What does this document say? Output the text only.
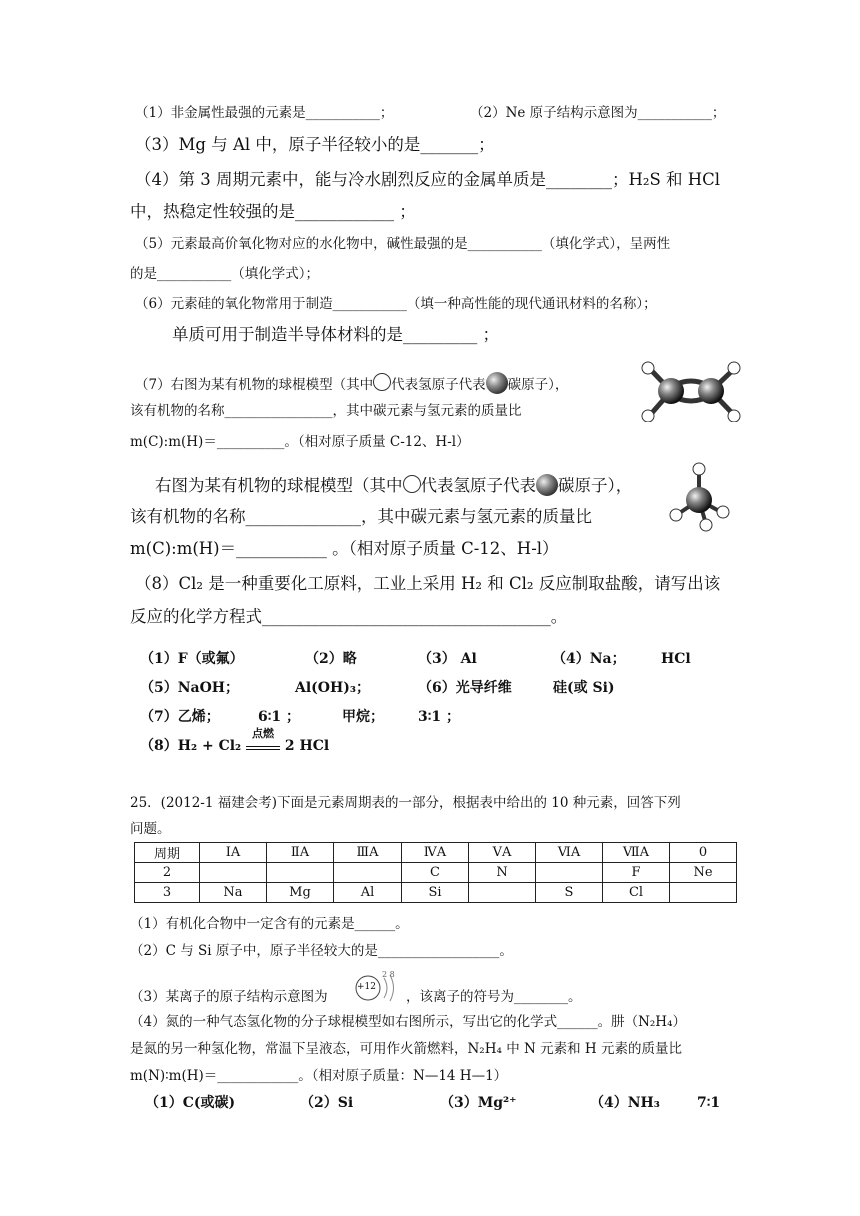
（1）非金属性最强的元素是___________；	（2）Ne 原子结构示意图为___________；
（3）Mg 与 Al 中，原子半径较小的是_______；
（4）第 3 周期元素中，能与冷水剧烈反应的金属单质是________；H₂S 和 HCl
中，热稳定性较强的是____________ ；
（5）元素最高价氧化物对应的水化物中，碱性最强的是___________（填化学式），呈两性
的是___________（填化学式）；
（6）元素硅的氧化物常用于制造___________（填一种高性能的现代通讯材料的名称）；
单质可用于制造半导体材料的是_________ ；
（7）右图为某有机物的球棍模型（其中 代表氢原子代表 碳原子），
该有机物的名称________________，其中碳元素与氢元素的质量比
m(C):m(H)＝__________。（相对原子质量 C-12、H-l）
右图为某有机物的球棍模型（其中 代表氢原子代表 碳原子），
该有机物的名称______________，其中碳元素与氢元素的质量比
m(C):m(H)＝___________ 。（相对原子质量 C-12、H-l）
（8）Cl₂ 是一种重要化工原料，工业上采用 H₂ 和 Cl₂ 反应制取盐酸，请写出该
反应的化学方程式___________________________________。
（1）F（或氟）	（2）略	（3） Al	（4）Na；	HCl
（5）NaOH；	Al(OH)₃；	（6）光导纤维	硅(或 Si)
（7）乙烯；	6∶1 ；	甲烷； 3∶1 ；
（8）H₂ + Cl₂
点燃
2 HCl
25．(2012-1 福建会考)下面是元素周期表的一部分，根据表中给出的 10 种元素，回答下列
问题。
周期	ⅠA	ⅡA	ⅢA	ⅣA	ⅤA	ⅥA	ⅦA	0
2				C	N		F	Ne
3	Na	Mg	Al	Si		S	Cl	
（1）有机化合物中一定含有的元素是______。
（2）C 与 Si 原子中，原子半径较大的是__________________。
（3）某离子的原子结构示意图为
+12
2 8
，该离子的符号为________。
（4）氮的一种气态氢化物的分子球棍模型如右图所示，写出它的化学式______。肼（N₂H₄）
是氮的另一种氢化物，常温下呈液态，可用作火箭燃料，N₂H₄ 中 N 元素和 H 元素的质量比
m(N)∶m(H)＝____________。（相对原子质量：N—14 H—1）
（1）C(或碳)	（2）Si	（3）Mg²⁺	（4）NH₃	7∶1
